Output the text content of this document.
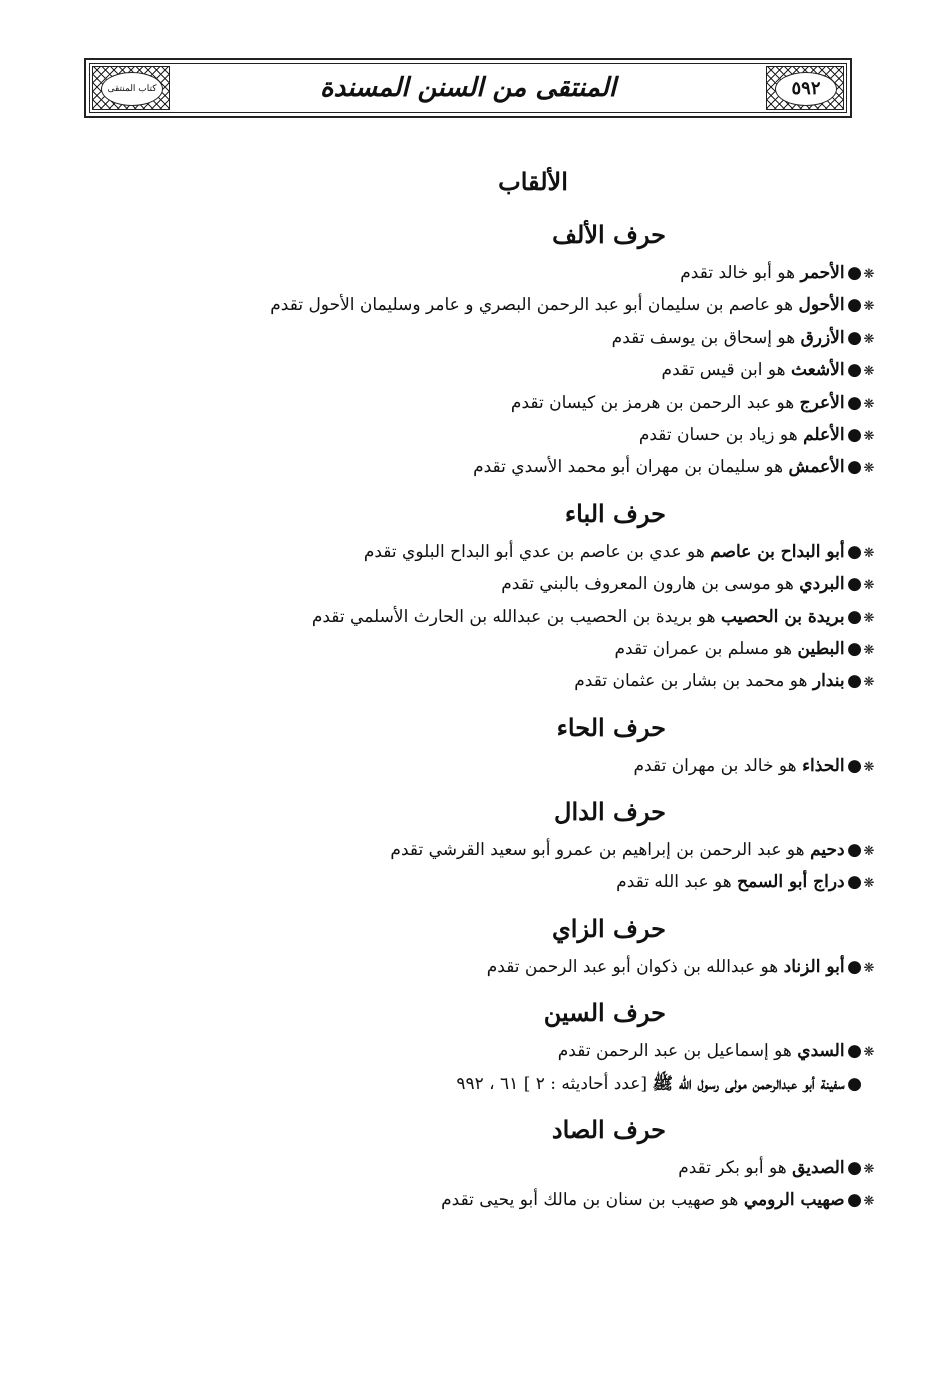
كتاب المنتقى	المنتقى من السنن المسندة	٥٩٢
الألقاب
حرف الألف
❋● الأحمر هو أبو خالد تقدم
❋● الأحول هو عاصم بن سليمان أبو عبد الرحمن البصري و عامر وسليمان الأحول تقدم
❋● الأزرق هو إسحاق بن يوسف تقدم
❋● الأشعث هو ابن قيس تقدم
❋● الأعرج هو عبد الرحمن بن هرمز بن كيسان تقدم
❋● الأعلم هو زياد بن حسان تقدم
❋● الأعمش هو سليمان بن مهران أبو محمد الأسدي تقدم
حرف الباء
❋● أبو البداح بن عاصم هو عدي بن عاصم بن عدي أبو البداح البلوي تقدم
❋● البردي هو موسى بن هارون المعروف بالبني تقدم
❋● بريدة بن الحصيب هو بريدة بن الحصيب بن عبدالله بن الحارث الأسلمي تقدم
❋● البطين هو مسلم بن عمران تقدم
❋● بندار هو محمد بن بشار بن عثمان تقدم
حرف الحاء
❋● الحذاء هو خالد بن مهران تقدم
حرف الدال
❋● دحيم هو عبد الرحمن بن إبراهيم بن عمرو أبو سعيد القرشي تقدم
❋● دراج أبو السمح هو عبد الله تقدم
حرف الزاي
❋● أبو الزناد هو عبدالله بن ذكوان أبو عبد الرحمن تقدم
حرف السين
❋● السدي هو إسماعيل بن عبد الرحمن تقدم
● سفينة أبو عبدالرحمن مولى رسول الله ﷺ [عدد أحاديثه : ٢ ] ٦١ ، ٩٩٢
حرف الصاد
❋● الصديق هو أبو بكر تقدم
❋● صهيب الرومي هو صهيب بن سنان بن مالك أبو يحيى تقدم
